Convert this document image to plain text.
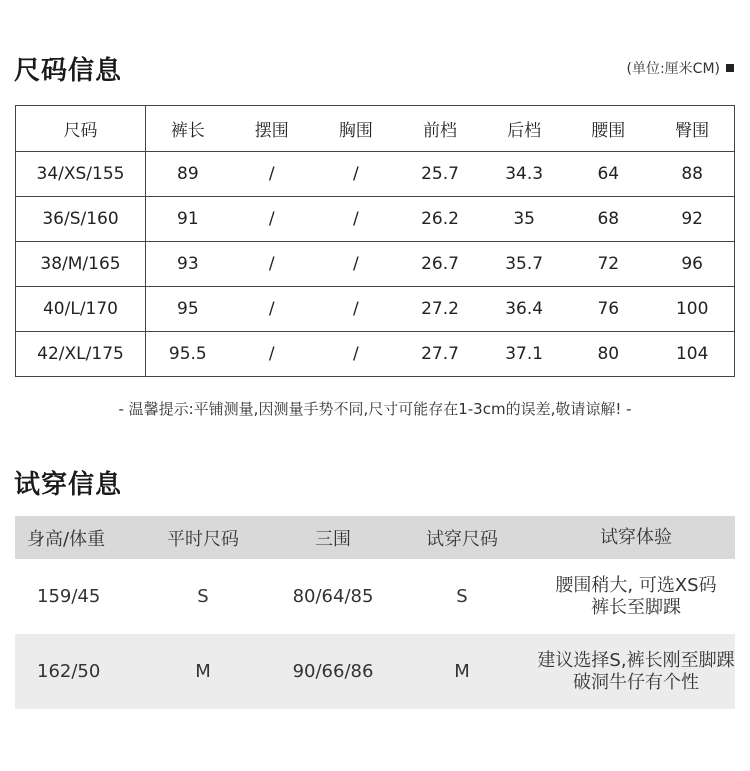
尺码信息	(单位:厘米CM)
尺码	裤长	摆围	胸围	前档	后档	腰围	臀围
34/XS/155	89	/	/	25.7	34.3	64	88
36/S/160	91	/	/	26.2	35	68	92
38/M/165	93	/	/	26.7	35.7	72	96
40/L/170	95	/	/	27.2	36.4	76	100
42/XL/175	95.5	/	/	27.7	37.1	80	104
- 温馨提示:平铺测量,因测量手势不同,尺寸可能存在1-3cm的误差,敬请谅解! -
试穿信息
身高/体重	平时尺码	三围	试穿尺码	试穿体验
159/45	S	80/64/85	S
腰围稍大, 可选XS码
裤长至脚踝
162/50	M	90/66/86	M
建议选择S,裤长刚至脚踝
破洞牛仔有个性
